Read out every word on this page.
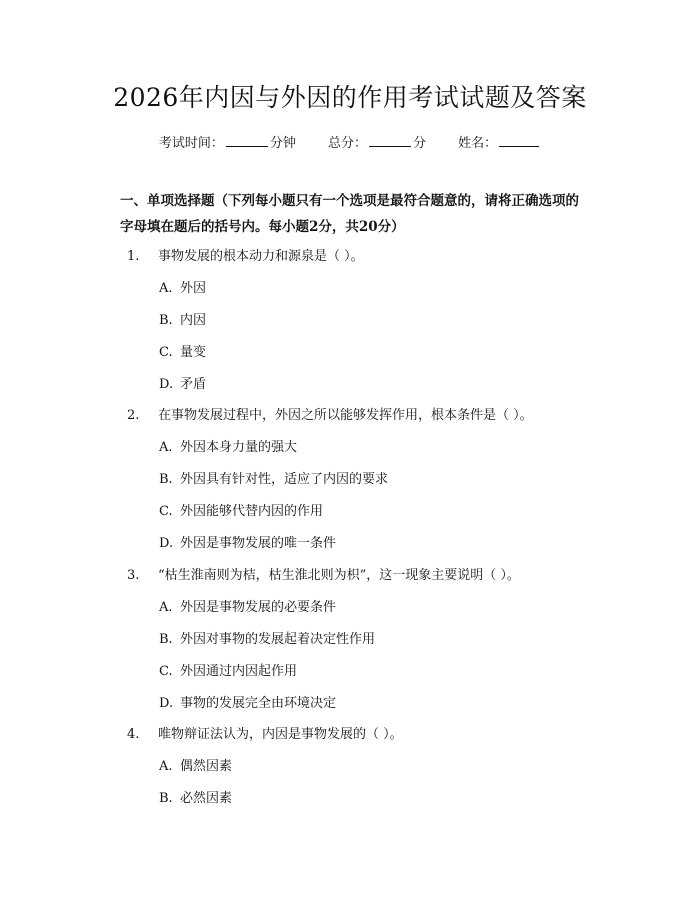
2026年内因与外因的作用考试试题及答案
考试时间：	分钟 总分：	分 姓名：
一、单项选择题（下列每小题只有一个选项是最符合题意的，请将正确选项的字母填在题后的括号内。每小题2分，共20分）
1. 事物发展的根本动力和源泉是（ ）。
A. 外因
B. 内因
C. 量变
D. 矛盾
2. 在事物发展过程中，外因之所以能够发挥作用，根本条件是（ ）。
A. 外因本身力量的强大
B. 外因具有针对性，适应了内因的要求
C. 外因能够代替内因的作用
D. 外因是事物发展的唯一条件
3. “枯生淮南则为桔，枯生淮北则为枳”，这一现象主要说明（ ）。
A. 外因是事物发展的必要条件
B. 外因对事物的发展起着决定性作用
C. 外因通过内因起作用
D. 事物的发展完全由环境决定
4. 唯物辩证法认为，内因是事物发展的（ ）。
A. 偶然因素
B. 必然因素
